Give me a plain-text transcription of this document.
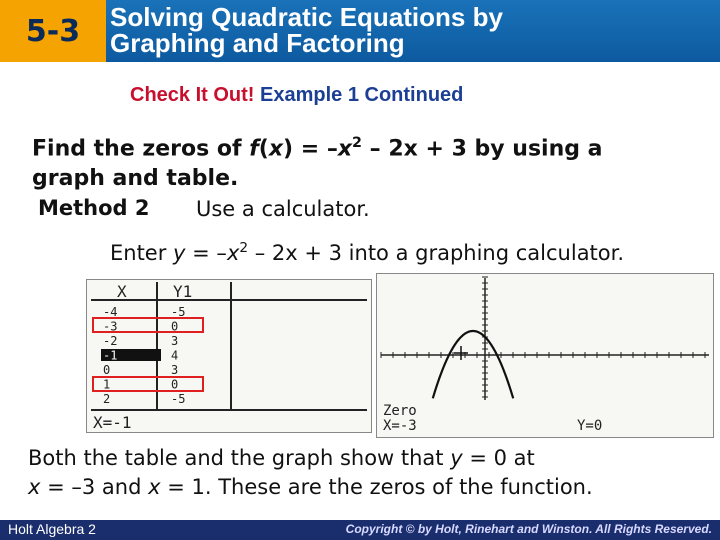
5-3 Solving Quadratic Equations by
Graphing and Factoring
Check It Out! Example 1 Continued
Find the zeros of $f(x) = -x^2 - 2x + 3$ by using a
graph and table.
Method 2 Use a calculator.
Enter $y = -x^2 - 2x + 3$ into a graphing calculator.
X	Y1
-4	-5
-3	0
-2	3
-1	4
0	3
1	0
2	-5
X=-1
Zero
X=-3	Y=0
Both the table and the graph show that y = 0 at
x = –3 and x = 1. These are the zeros of the function.
Holt Algebra 2	Copyright © by Holt, Rinehart and Winston. All Rights Reserved.
